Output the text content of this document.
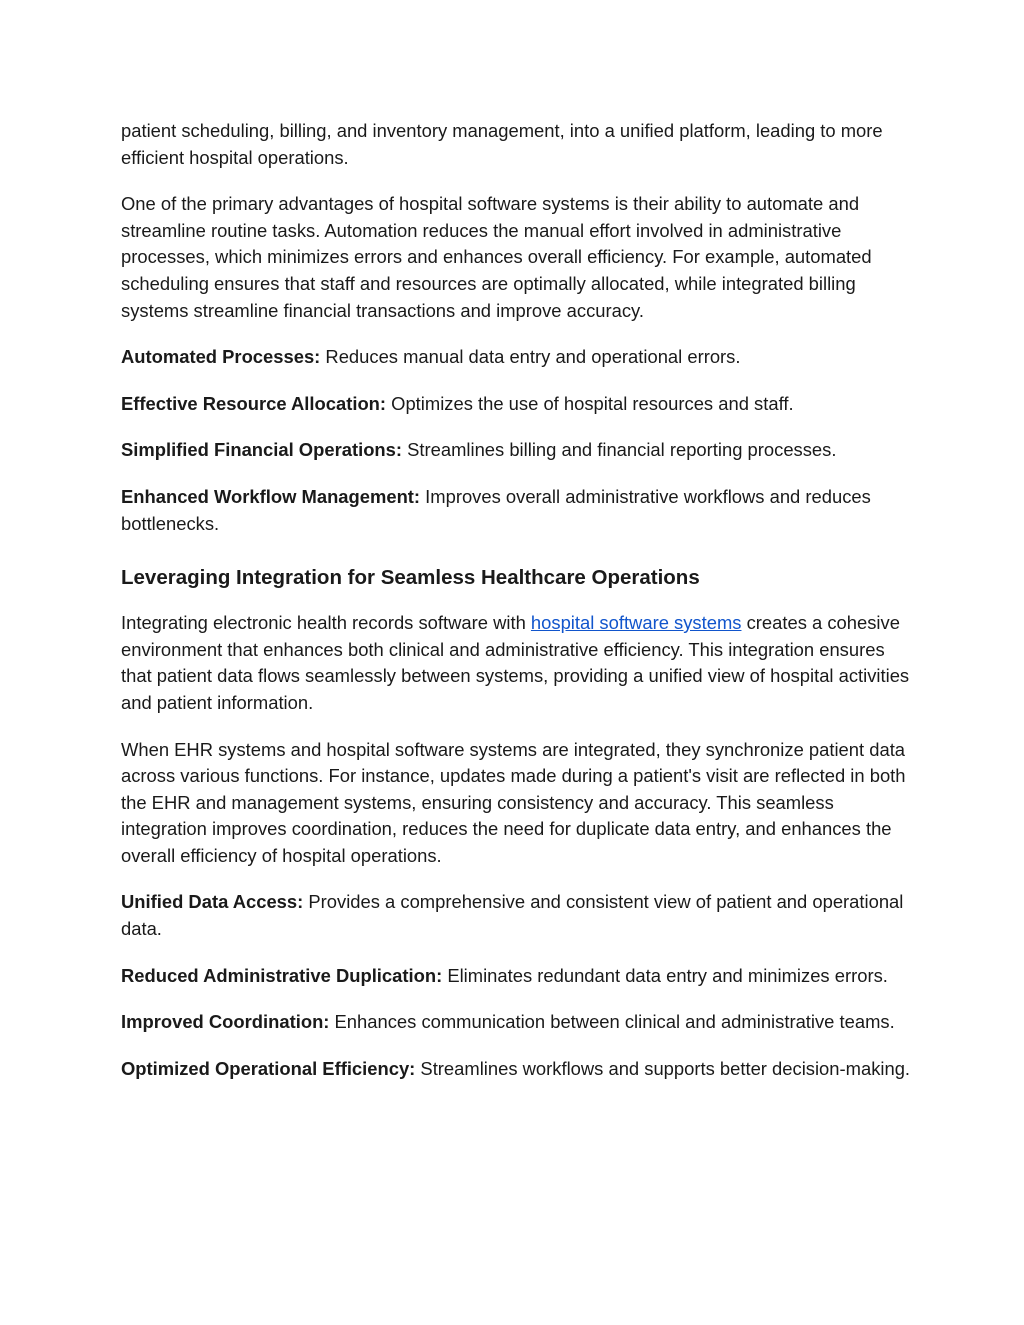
patient scheduling, billing, and inventory management, into a unified platform, leading to more efficient hospital operations.

One of the primary advantages of hospital software systems is their ability to automate and streamline routine tasks. Automation reduces the manual effort involved in administrative processes, which minimizes errors and enhances overall efficiency. For example, automated scheduling ensures that staff and resources are optimally allocated, while integrated billing systems streamline financial transactions and improve accuracy.

Automated Processes: Reduces manual data entry and operational errors.

Effective Resource Allocation: Optimizes the use of hospital resources and staff.

Simplified Financial Operations: Streamlines billing and financial reporting processes.

Enhanced Workflow Management: Improves overall administrative workflows and reduces bottlenecks.

Leveraging Integration for Seamless Healthcare Operations

Integrating electronic health records software with hospital software systems creates a cohesive environment that enhances both clinical and administrative efficiency. This integration ensures that patient data flows seamlessly between systems, providing a unified view of hospital activities and patient information.

When EHR systems and hospital software systems are integrated, they synchronize patient data across various functions. For instance, updates made during a patient's visit are reflected in both the EHR and management systems, ensuring consistency and accuracy. This seamless integration improves coordination, reduces the need for duplicate data entry, and enhances the overall efficiency of hospital operations.

Unified Data Access: Provides a comprehensive and consistent view of patient and operational data.

Reduced Administrative Duplication: Eliminates redundant data entry and minimizes errors.

Improved Coordination: Enhances communication between clinical and administrative teams.

Optimized Operational Efficiency: Streamlines workflows and supports better decision-making.
